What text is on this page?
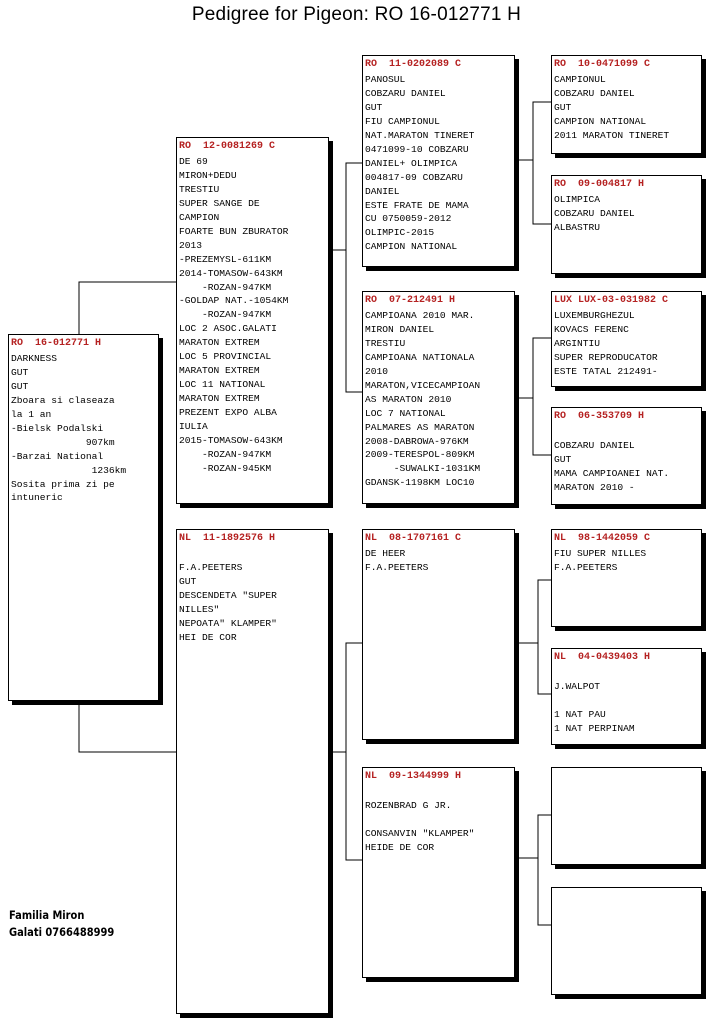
Pedigree for Pigeon: RO 16-012771 H
RO  16-012771 H
DARKNESS
GUT
GUT
Zboara si claseaza
la 1 an
-Bielsk Podalski
907km
-Barzai National
1236km
Sosita prima zi pe
intuneric
RO  12-0081269 C
DE 69
MIRON+DEDU
TRESTIU
SUPER SANGE DE
CAMPION
FOARTE BUN ZBURATOR
2013
-PREZEMYSL-611KM
2014-TOMASOW-643KM
-ROZAN-947KM
-GOLDAP NAT.-1054KM
-ROZAN-947KM
LOC 2 ASOC.GALATI
MARATON EXTREM
LOC 5 PROVINCIAL
MARATON EXTREM
LOC 11 NATIONAL
MARATON EXTREM
PREZENT EXPO ALBA
IULIA
2015-TOMASOW-643KM
-ROZAN-947KM
-ROZAN-945KM
NL  11-1892576 H
F.A.PEETERS
GUT
DESCENDETA "SUPER
NILLES"
NEPOATA" KLAMPER"
HEI DE COR
RO  11-0202089 C
PANOSUL
COBZARU DANIEL
GUT
FIU CAMPIONUL
NAT.MARATON TINERET
0471099-10 COBZARU
DANIEL+ OLIMPICA
004817-09 COBZARU
DANIEL
ESTE FRATE DE MAMA
CU 0750059-2012
OLIMPIC-2015
CAMPION NATIONAL
RO  07-212491 H
CAMPIOANA 2010 MAR.
MIRON DANIEL
TRESTIU
CAMPIOANA NATIONALA
2010
MARATON,VICECAMPIOAN
AS MARATON 2010
LOC 7 NATIONAL
PALMARES AS MARATON
2008-DABROWA-976KM
2009-TERESPOL-809KM
-SUWALKI-1031KM
GDANSK-1198KM LOC10
NL  08-1707161 C
DE HEER
F.A.PEETERS
NL  09-1344999 H
ROZENBRAD G JR.
CONSANVIN "KLAMPER"
HEIDE DE COR
RO  10-0471099 C
CAMPIONUL
COBZARU DANIEL
GUT
CAMPION NATIONAL
2011 MARATON TINERET
RO  09-004817 H
OLIMPICA
COBZARU DANIEL
ALBASTRU
LUX LUX-03-031982 C
LUXEMBURGHEZUL
KOVACS FERENC
ARGINTIU
SUPER REPRODUCATOR
ESTE TATAL 212491-
RO  06-353709 H
COBZARU DANIEL
GUT
MAMA CAMPIOANEI NAT.
MARATON 2010 -
NL  98-1442059 C
FIU SUPER NILLES
F.A.PEETERS
NL  04-0439403 H
J.WALPOT
1 NAT PAU
1 NAT PERPINAM
Familia Miron
Galati 0766488999
